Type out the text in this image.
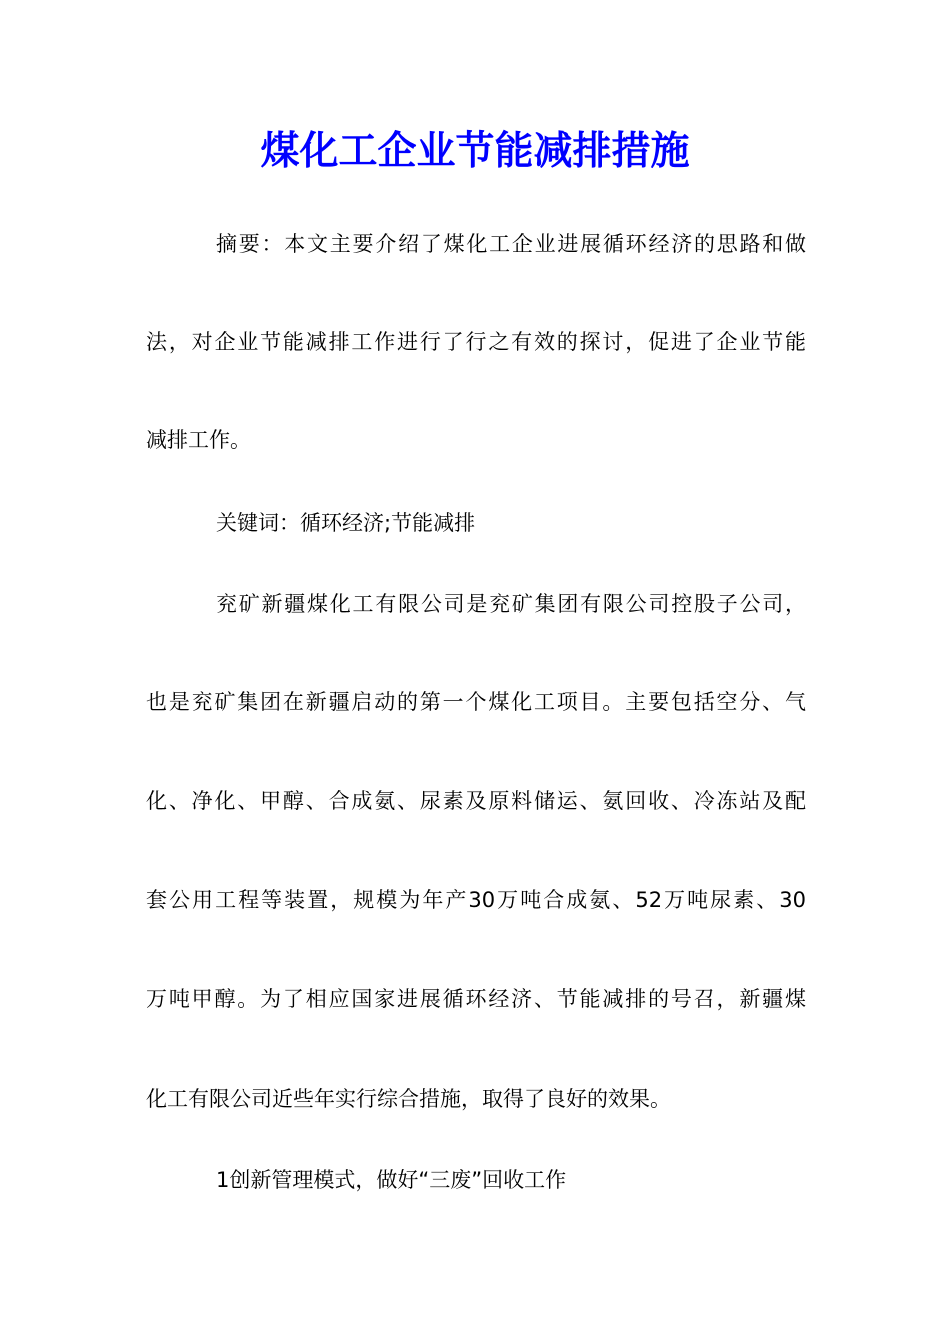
煤化工企业节能减排措施
摘要：本文主要介绍了煤化工企业进展循环经济的思路和做
法，对企业节能减排工作进行了行之有效的探讨，促进了企业节能
减排工作。
关键词：循环经济;节能减排
兖矿新疆煤化工有限公司是兖矿集团有限公司控股子公司，
也是兖矿集团在新疆启动的第一个煤化工项目。主要包括空分、气
化、净化、甲醇、合成氨、尿素及原料储运、氨回收、冷冻站及配
套公用工程等装置，规模为年产30万吨合成氨、52万吨尿素、30
万吨甲醇。为了相应国家进展循环经济、节能减排的号召，新疆煤
化工有限公司近些年实行综合措施，取得了良好的效果。
1创新管理模式，做好“三废”回收工作
